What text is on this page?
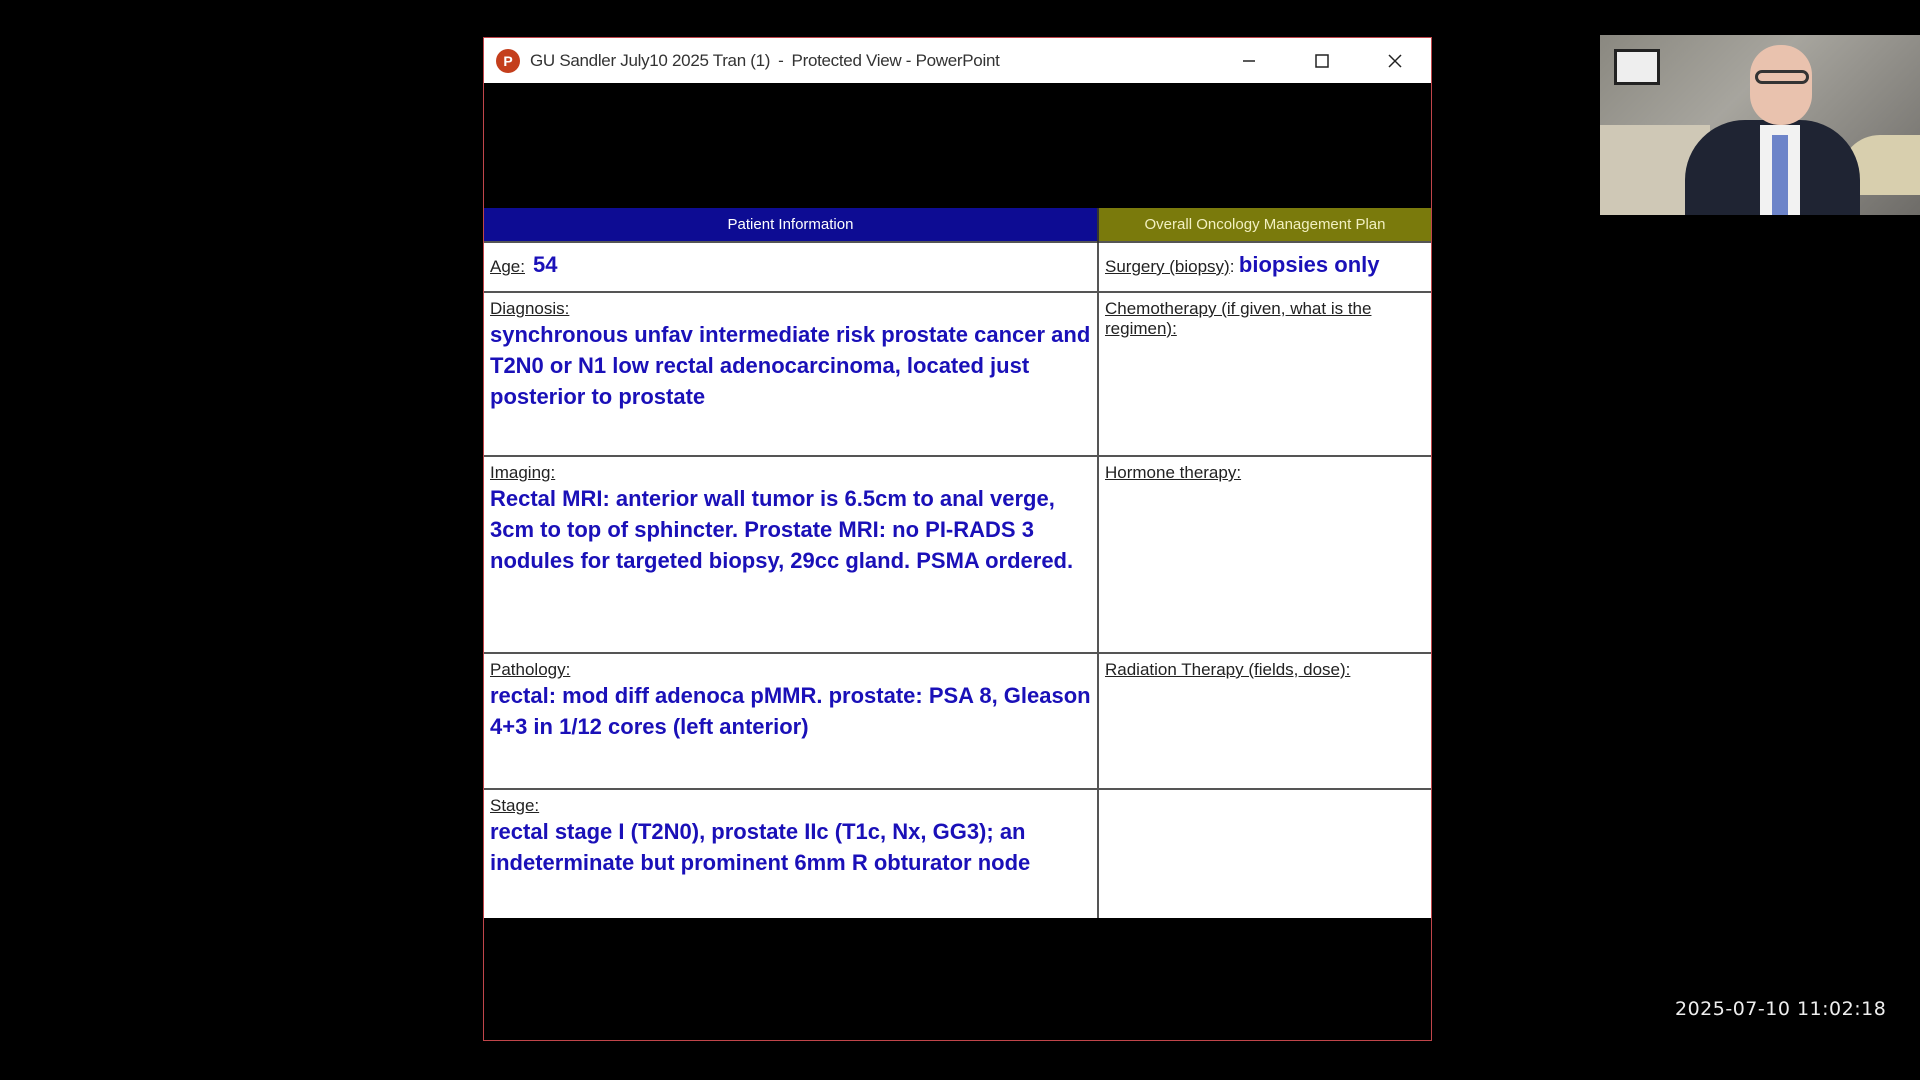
P	GU Sandler July10 2025 Tran (1) - Protected View - PowerPoint
Patient Information	Overall Oncology Management Plan
Age: 54	Surgery (biopsy): biopsies only

Diagnosis:
synchronous unfav intermediate risk prostate cancer and T2N0 or N1 low rectal adenocarcinoma, located just posterior to prostate	Chemotherapy (if given, what is the regimen):

Imaging:
Rectal MRI: anterior wall tumor is 6.5cm to anal verge, 3cm to top of sphincter. Prostate MRI: no PI-RADS 3 nodules for targeted biopsy, 29cc gland. PSMA ordered.	Hormone therapy:

Pathology:
rectal: mod diff adenoca pMMR. prostate: PSA 8, Gleason 4+3 in 1/12 cores (left anterior)	Radiation Therapy (fields, dose):

Stage:
rectal stage I (T2N0), prostate IIc (T1c, Nx, GG3); an indeterminate but prominent 6mm R obturator node	

2025-07-10 11:02:18
